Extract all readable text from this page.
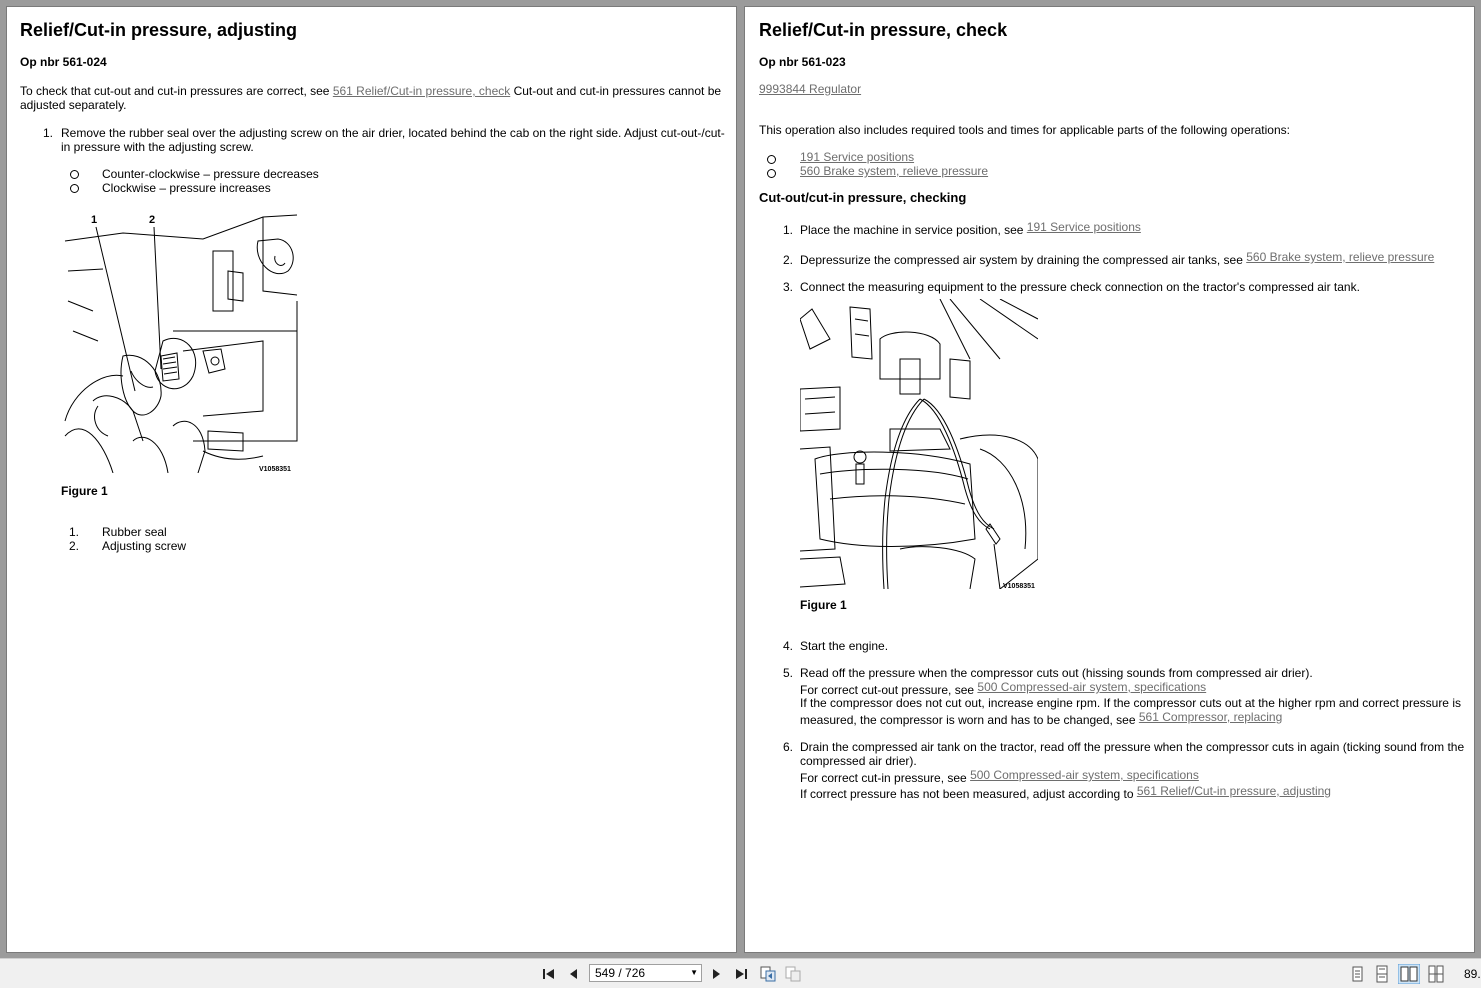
Relief/Cut-in pressure, adjusting
Op nbr 561-024
To check that cut-out and cut-in pressures are correct, see 561 Relief/Cut-in pressure, check Cut-out and cut-in pressures cannot be
adjusted separately.
1. Remove the rubber seal over the adjusting screw on the air drier, located behind the cab on the right side. Adjust cut-out-/cut-
in pressure with the adjusting screw.
Counter-clockwise – pressure decreases
Clockwise – pressure increases
1	2
V1058351
Figure 1
1. Rubber seal
2. Adjusting screw
Relief/Cut-in pressure, check
Op nbr 561-023
9993844 Regulator
This operation also includes required tools and times for applicable parts of the following operations:
191 Service positions
560 Brake system, relieve pressure
Cut-out/cut-in pressure, checking
1. Place the machine in service position, see 191 Service positions
2. Depressurize the compressed air system by draining the compressed air tanks, see 560 Brake system, relieve pressure
3. Connect the measuring equipment to the pressure check connection on the tractor's compressed air tank.
V1058351
Figure 1
4. Start the engine.
5. Read off the pressure when the compressor cuts out (hissing sounds from compressed air drier).
For correct cut-out pressure, see 500 Compressed-air system, specifications
If the compressor does not cut out, increase engine rpm. If the compressor cuts out at the higher rpm and correct pressure is
measured, the compressor is worn and has to be changed, see 561 Compressor, replacing
6. Drain the compressed air tank on the tractor, read off the pressure when the compressor cuts in again (ticking sound from the
compressed air drier).
For correct cut-in pressure, see 500 Compressed-air system, specifications
If correct pressure has not been measured, adjust according to 561 Relief/Cut-in pressure, adjusting
549 / 726	▼	89.
